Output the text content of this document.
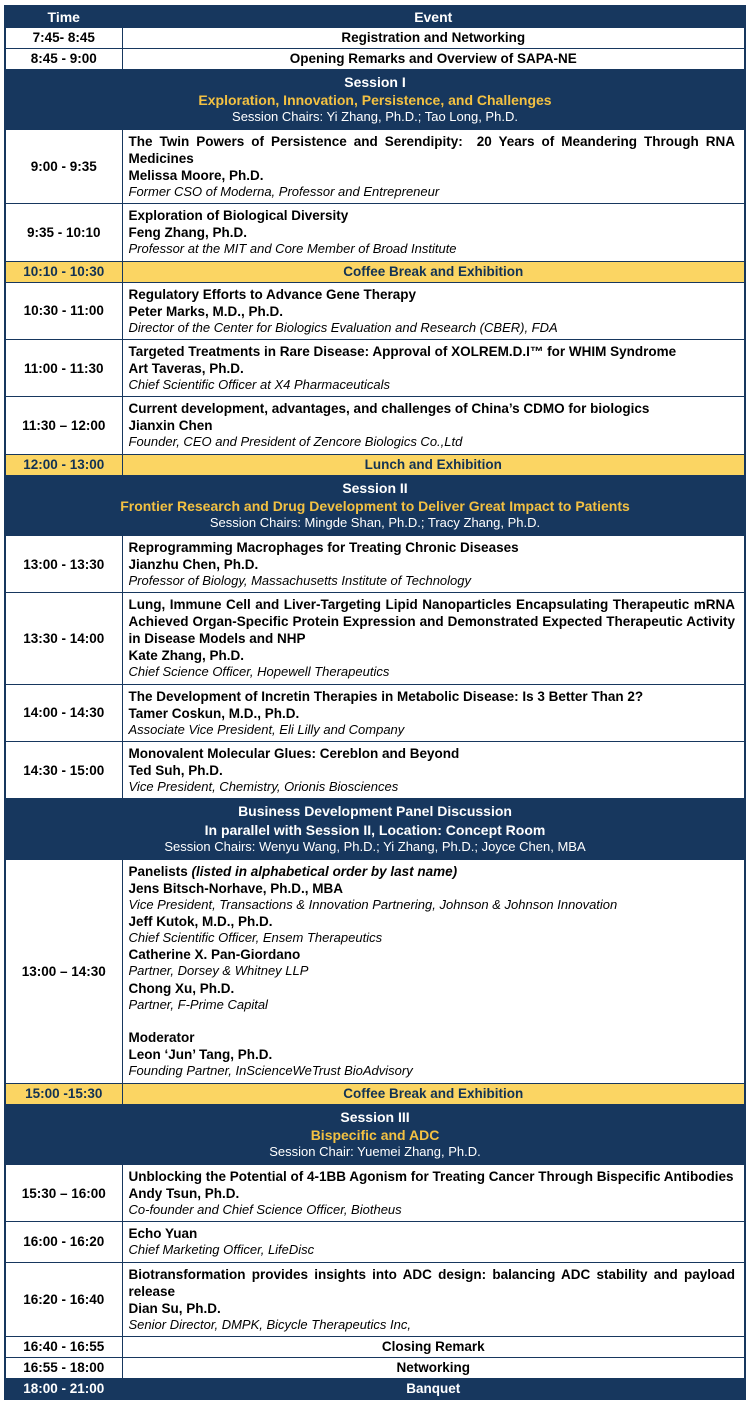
Time	Event
7:45- 8:45	Registration and Networking
8:45 - 9:00	Opening Remarks and Overview of SAPA-NE

Session I
Exploration, Innovation, Persistence, and Challenges
Session Chairs: Yi Zhang, Ph.D.; Tao Long, Ph.D.	

9:00 - 9:35	The Twin Powers of Persistence and Serendipity:  20 Years of Meandering Through RNA Medicines
Melissa Moore, Ph.D.
Former CSO of Moderna, Professor and Entrepreneur

9:35 - 10:10	Exploration of Biological Diversity
Feng Zhang, Ph.D.
Professor at the MIT and Core Member of Broad Institute

10:10 - 10:30	Coffee Break and Exhibition
10:30 - 11:00	Regulatory Efforts to Advance Gene Therapy
Peter Marks, M.D., Ph.D.
Director of the Center for Biologics Evaluation and Research (CBER), FDA

11:00 - 11:30	Targeted Treatments in Rare Disease: Approval of XOLREM.D.I™ for WHIM Syndrome
Art Taveras, Ph.D.
Chief Scientific Officer at X4 Pharmaceuticals

11:30 – 12:00	Current development, advantages, and challenges of China’s CDMO for biologics
Jianxin Chen
Founder, CEO and President of Zencore Biologics Co.,Ltd

12:00 - 13:00	Lunch and Exhibition

Session II
Frontier Research and Drug Development to Deliver Great Impact to Patients
Session Chairs: Mingde Shan, Ph.D.; Tracy Zhang, Ph.D.	

13:00 - 13:30	Reprogramming Macrophages for Treating Chronic Diseases
Jianzhu Chen, Ph.D.
Professor of Biology, Massachusetts Institute of Technology

13:30 - 14:00	Lung, Immune Cell and Liver-Targeting Lipid Nanoparticles Encapsulating Therapeutic mRNA Achieved Organ-Specific Protein Expression and Demonstrated Expected Therapeutic Activity in Disease Models and NHP
Kate Zhang, Ph.D.
Chief Science Officer, Hopewell Therapeutics

14:00 - 14:30	The Development of Incretin Therapies in Metabolic Disease: Is 3 Better Than 2?
Tamer Coskun, M.D., Ph.D.
Associate Vice President, Eli Lilly and Company

14:30 - 15:00	Monovalent Molecular Glues: Cereblon and Beyond
Ted Suh, Ph.D.
Vice President, Chemistry, Orionis Biosciences

Business Development Panel Discussion
In parallel with Session II, Location: Concept Room
Session Chairs: Wenyu Wang, Ph.D.; Yi Zhang, Ph.D.; Joyce Chen, MBA	

13:00 – 14:30	
Panelists (listed in alphabetical order by last name)
Jens Bitsch-Norhave, Ph.D., MBA
Vice President, Transactions & Innovation Partnering, Johnson & Johnson Innovation
Jeff Kutok, M.D., Ph.D.
Chief Scientific Officer, Ensem Therapeutics
Catherine X. Pan-Giordano
Partner, Dorsey & Whitney LLP
Chong Xu, Ph.D.
Partner, F-Prime Capital
Moderator
Leon ‘Jun’ Tang, Ph.D.
Founding Partner, InScienceWeTrust BioAdvisory

15:00 -15:30	Coffee Break and Exhibition

Session III
Bispecific and ADC
Session Chair: Yuemei Zhang, Ph.D.	

15:30 – 16:00	Unblocking the Potential of 4-1BB Agonism for Treating Cancer Through Bispecific Antibodies
Andy Tsun, Ph.D.
Co-founder and Chief Science Officer, Biotheus

16:00 - 16:20	Echo Yuan
Chief Marketing Officer, LifeDisc

16:20 - 16:40	Biotransformation provides insights into ADC design: balancing ADC stability and payload release
Dian Su, Ph.D.
Senior Director, DMPK, Bicycle Therapeutics Inc,

16:40 - 16:55	Closing Remark
16:55 - 18:00	Networking
18:00 - 21:00	Banquet
